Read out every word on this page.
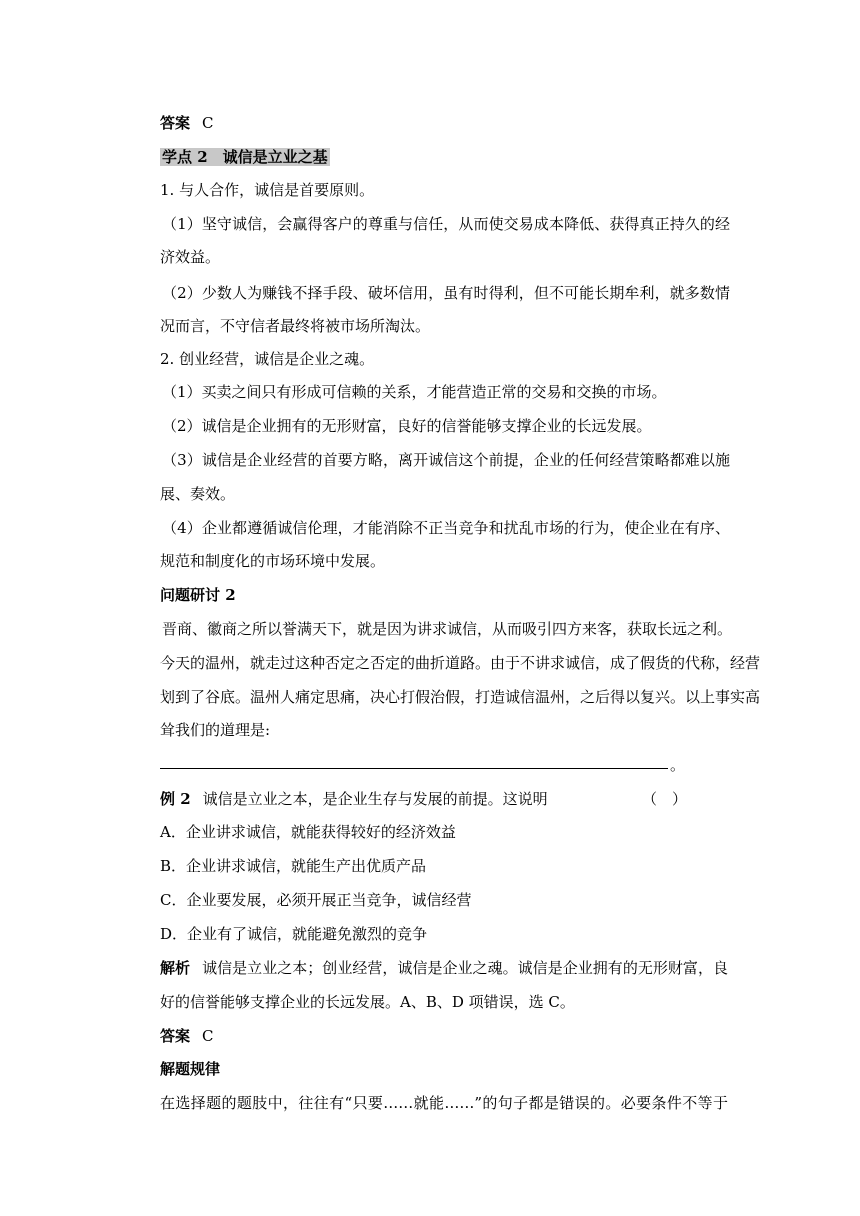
答案 C
学点 2　诚信是立业之基
1. 与人合作，诚信是首要原则。
（1）坚守诚信，会赢得客户的尊重与信任，从而使交易成本降低、获得真正持久的经
济效益。
（2）少数人为赚钱不择手段、破坏信用，虽有时得利，但不可能长期牟利，就多数情
况而言，不守信者最终将被市场所淘汰。
2. 创业经营，诚信是企业之魂。
（1）买卖之间只有形成可信赖的关系，才能营造正常的交易和交换的市场。
（2）诚信是企业拥有的无形财富，良好的信誉能够支撑企业的长远发展。
（3）诚信是企业经营的首要方略，离开诚信这个前提，企业的任何经营策略都难以施
展、奏效。
（4）企业都遵循诚信伦理，才能消除不正当竞争和扰乱市场的行为，使企业在有序、
规范和制度化的市场环境中发展。
问题研讨 2
晋商、徽商之所以誉满天下，就是因为讲求诚信，从而吸引四方来客，获取长远之利。
今天的温州，就走过这种否定之否定的曲折道路。由于不讲求诚信，成了假货的代称，经营
划到了谷底。温州人痛定思痛，决心打假治假，打造诚信温州，之后得以复兴。以上事实高
耸我们的道理是:
。
例 2 诚信是立业之本，是企业生存与发展的前提。这说明	（　）
A．企业讲求诚信，就能获得较好的经济效益
B．企业讲求诚信，就能生产出优质产品
C．企业要发展，必须开展正当竞争，诚信经营
D．企业有了诚信，就能避免激烈的竞争
解析 诚信是立业之本；创业经营，诚信是企业之魂。诚信是企业拥有的无形财富，良
好的信誉能够支撑企业的长远发展。A、B、D 项错误，选 C。
答案 C
解题规律
在选择题的题肢中，往往有“只要……就能……”的句子都是错误的。必要条件不等于
